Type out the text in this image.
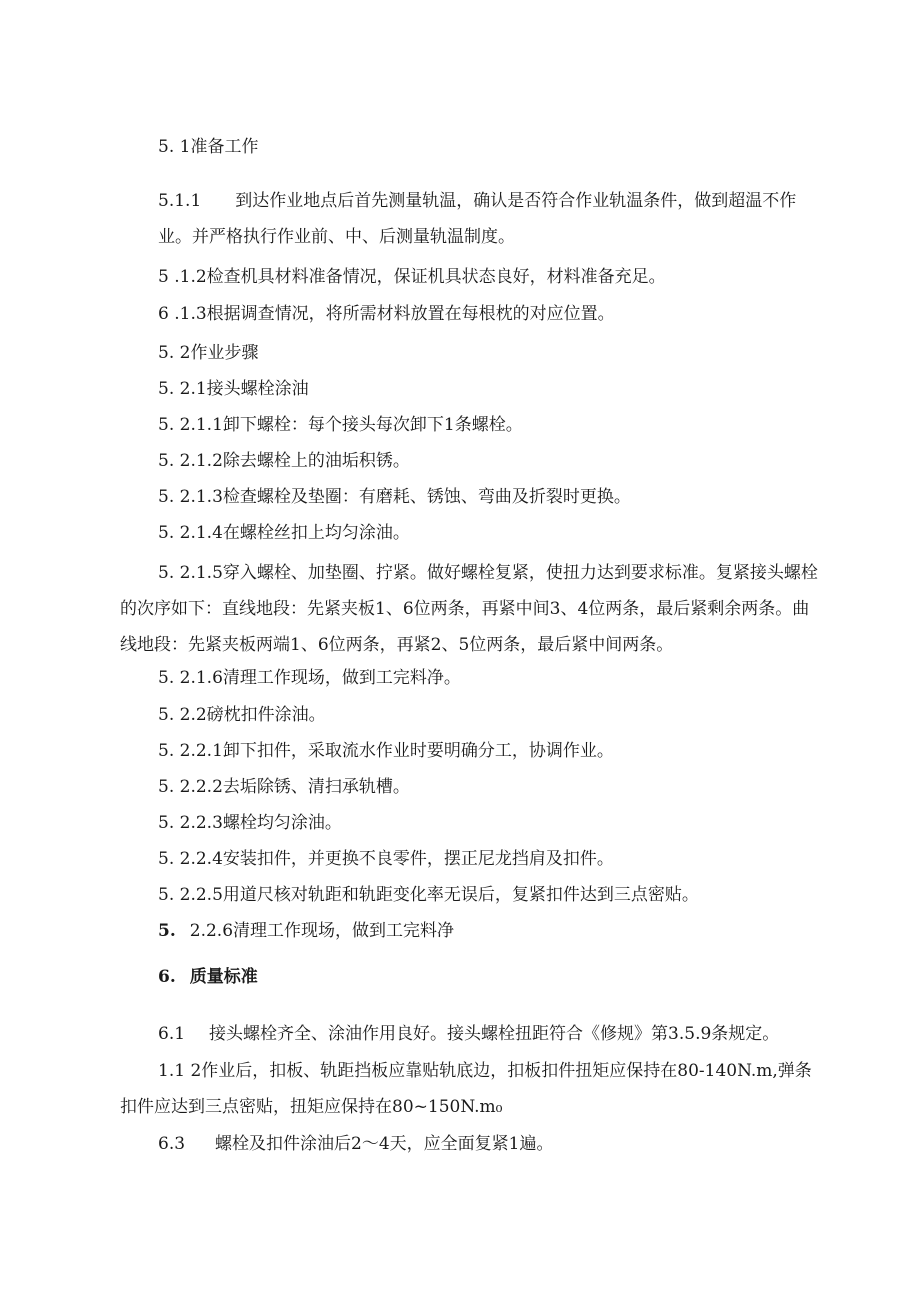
5. 1准备工作
5.1.1 到达作业地点后首先测量轨温，确认是否符合作业轨温条件，做到超温不作业。并严格执行作业前、中、后测量轨温制度。
5 .1.2检查机具材料准备情况，保证机具状态良好，材料准备充足。
6 .1.3根据调查情况，将所需材料放置在每根枕的对应位置。
5. 2作业步骤
5. 2.1接头螺栓涂油
5. 2.1.1卸下螺栓：每个接头每次卸下1条螺栓。
5. 2.1.2除去螺栓上的油垢积锈。
5. 2.1.3检查螺栓及垫圈：有磨耗、锈蚀、弯曲及折裂时更换。
5. 2.1.4在螺栓丝扣上均匀涂油。
5. 2.1.5穿入螺栓、加垫圈、拧紧。做好螺栓复紧，使扭力达到要求标准。复紧接头螺栓的次序如下：直线地段：先紧夹板1、6位两条，再紧中间3、4位两条，最后紧剩余两条。曲线地段：先紧夹板两端1、6位两条，再紧2、5位两条，最后紧中间两条。
5. 2.1.6清理工作现场，做到工完料净。
5. 2.2磅枕扣件涂油。
5. 2.2.1卸下扣件，采取流水作业时要明确分工，协调作业。
5. 2.2.2去垢除锈、清扫承轨槽。
5. 2.2.3螺栓均匀涂油。
5. 2.2.4安装扣件，并更换不良零件，摆正尼龙挡肩及扣件。
5. 2.2.5用道尺核对轨距和轨距变化率无误后，复紧扣件达到三点密贴。
5. 2.2.6清理工作现场，做到工完料净
6. 质量标准
6.1 接头螺栓齐全、涂油作用良好。接头螺栓扭距符合《修规》第3.5.9条规定。
1.1 2作业后，扣板、轨距挡板应靠贴轨底边，扣板扣件扭矩应保持在80-140N.m,弹条扣件应达到三点密贴，扭矩应保持在80~150N.m₀
6.3 螺栓及扣件涂油后2～4天，应全面复紧1遍。
